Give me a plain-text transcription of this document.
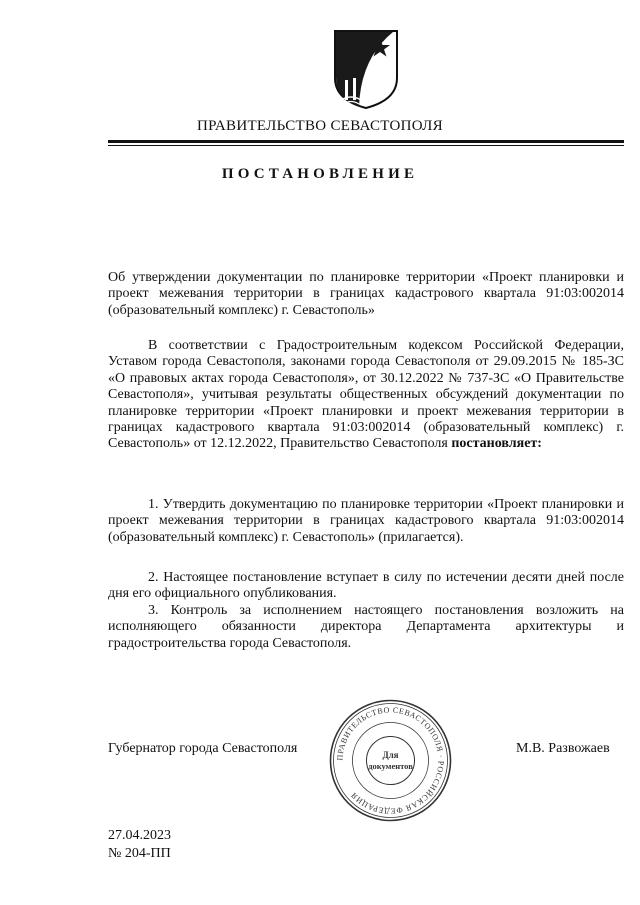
ПРАВИТЕЛЬСТВО СЕВАСТОПОЛЯ
ПОСТАНОВЛЕНИЕ
Об утверждении документации по планировке территории «Проект планировки и проект межевания территории в границах кадастрового квартала 91:03:002014 (образовательный комплекс) г. Севастополь»
В соответствии с Градостроительным кодексом Российской Федерации, Уставом города Севастополя, законами города Севастополя от 29.09.2015 № 185-ЗС «О правовых актах города Севастополя», от 30.12.2022 № 737-ЗС «О Правительстве Севастополя», учитывая результаты общественных обсуждений документации по планировке территории «Проект планировки и проект межевания территории в границах кадастрового квартала 91:03:002014 (образовательный комплекс) г. Севастополь» от 12.12.2022, Правительство Севастополя постановляет:
1. Утвердить документацию по планировке территории «Проект планировки и проект межевания территории в границах кадастрового квартала 91:03:002014 (образовательный комплекс) г. Севастополь» (прилагается).
2. Настоящее постановление вступает в силу по истечении десяти дней после дня его официального опубликования.
3. Контроль за исполнением настоящего постановления возложить на исполняющего обязанности директора Департамента архитектуры и градостроительства города Севастополя.
Губернатор города Севастополя
ПРАВИТЕЛЬСТВО СЕВАСТОПОЛЯ · РОССИЙСКАЯ ФЕДЕРАЦИЯ
Для
документов
М.В. Развожаев
27.04.2023
№ 204-ПП
